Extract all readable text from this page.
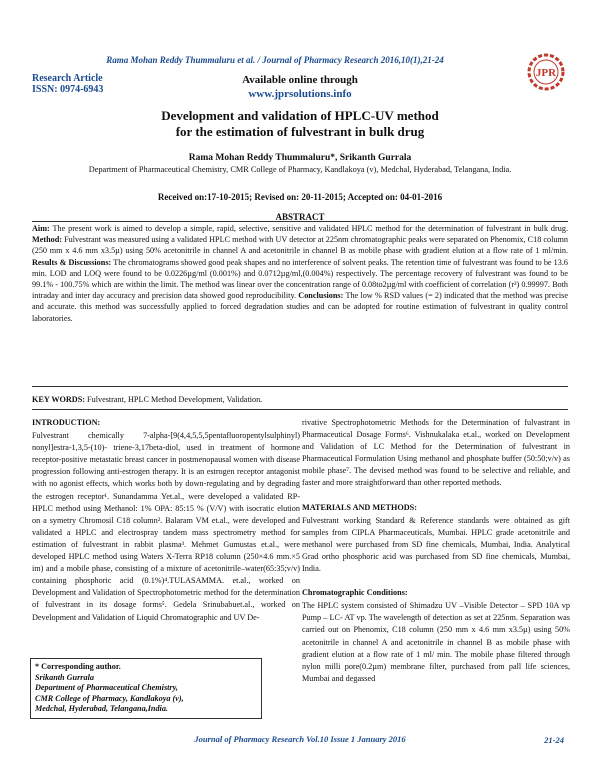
Rama Mohan Reddy Thummaluru et al. / Journal of Pharmacy Research 2016,10(1),21-24
JPR
Research Article
ISSN: 0974-6943
Available online through
www.jprsolutions.info
Development and validation of HPLC-UV method
for the estimation of fulvestrant in bulk drug
Rama Mohan Reddy Thummaluru*, Srikanth Gurrala
Department of Pharmaceutical Chemistry, CMR College of Pharmacy, Kandlakoya (v), Medchal, Hyderabad, Telangana, India.
Received on:17-10-2015; Revised on: 20-11-2015; Accepted on: 04-01-2016
ABSTRACT
Aim: The present work is aimed to develop a simple, rapid, selective, sensitive and validated HPLC method for the determination of fulvestrant in bulk drug. Method: Fulvestrant was measured using a validated HPLC method with UV detector at 225nm chromatographic peaks were separated on Phenomix, C18 column (250 mm x 4.6 mm x3.5µ) using 50% acetonitrile in channel A and acetonitrile in channel B as mobile phase with gradient elution at a flow rate of 1 ml/min. Results & Discussions: The chromatograms showed good peak shapes and no interference of solvent peaks. The retention time of fulvestrant was found to be 13.6 min. LOD and LOQ were found to be 0.0226µg/ml (0.001%) and 0.0712µg/ml,(0.004%) respectively. The percentage recovery of fulvestrant was found to be 99.1% - 100.75% which are within the limit. The method was linear over the concentration range of 0.08to2µg/ml with coefficient of correlation (r²) 0.99997. Both intraday and inter day accuracy and precision data showed good reproducibility. Conclusions: The low % RSD values (= 2) indicated that the method was precise and accurate. this method was successfully applied to forced degradation studies and can be adopted for routine estimation of fulvestrant in quality control laboratories.
KEY WORDS: Fulvestrant, HPLC Method Development, Validation.
INTRODUCTION:
Fulvestrant chemically 7-alpha-[9(4,4,5,5,5pentafluoropentylsulphinyl) nonyl]estra-1,3,5-(10)- triene-3,17beta-diol, used in treatment of hormone receptor-positive metastatic breast cancer in postmenopausal women with disease progression following anti-estrogen therapy. It is an estrogen receptor antagonist with no agonist effects, which works both by down-regulating and by degrading the estrogen receptor¹. Sunandamma Yet.al., were developed a validated RP-HPLC method using Methanol: 1% OPA: 85:15 % (V/V) with isocratic elution on a symetry Chromosil C18 column². Balaram VM et.al., were developed and validated a HPLC and electrospray tandem mass spectrometry method for estimation of fulvestrant in rabbit plasma³. Mehmet Gumustas et.al., were developed HPLC method using Waters X-Terra RP18 column (250×4.6 mm.×5 im) and a mobile phase, consisting of a mixture of acetonitrile–water(65:35;v/v) containing phosphoric acid (0.1%)⁴.TULASAMMA. et.al., worked on Development and Validation of Spectrophotometric method for the determination of fulvestrant in its dosage forms⁵. Gedela Srinubabuet.al., worked on Development and Validation of Liquid Chromatographic and UV De-
rivative Spectrophotometric Methods for the Determination of fulvastrant in Pharmaceutical Dosage Forms⁶. Vishnukalaka et.al., worked on Development and Validation of LC Method for the Determination of fulvestrant in Pharmaceutical Formulation Using methanol and phosphate buffer (50:50;v/v) as mobile phase⁷. The devised method was found to be selective and reliable, and faster and more straightforward than other reported methods.
MATERIALS AND METHODS:
Fulvestrant working Standard & Reference standards were obtained as gift samples from CIPLA Pharmaceuticals, Mumbai. HPLC grade acetonitrile and methanol were purchased from SD fine chemicals, Mumbai, India. Analytical Grad ortho phosphoric acid was purchased from SD fine chemicals, Mumbai, India.
Chromatographic Conditions:
The HPLC system consisted of Shimadzu UV –Visible Detector – SPD 10A vp Pump – LC- AT vp. The wavelength of detection as set at 225nm. Separation was carried out on Phenomix, C18 column (250 mm x 4.6 mm x3.5µ) using 50% acetonitrile in channel A and acetonitrile in channel B as mobile phase with gradient elution at a flow rate of 1 ml/ min. The mobile phase filtered through nylon milli pore(0.2µm) membrane filter, purchased from pall life sciences, Mumbai and degassed
* Corresponding author.
Srikanth Gurrala
Department of Pharmaceutical Chemistry,
CMR College of Pharmacy, Kandlakoya (v),
Medchal, Hyderabad, Telangana,India.
Journal of Pharmacy Research Vol.10 Issue 1 January 2016	21-24
